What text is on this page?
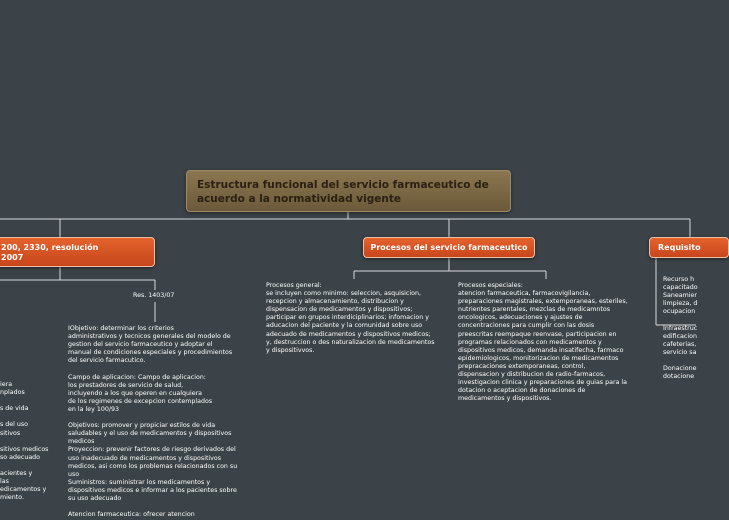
Estructura funcional del servicio farmaceutico de acuerdo a la normatividad vigente
200, 2330, resolución
2007
Procesos del servicio farmaceutico	Requisito
Res. 1403/07
IObjetivo: determinar los criterios
administrativos y tecnicos generales del modelo de
gestion del servicio farmaceutico y adoptar el
manual de condiciones especiales y procedimientos
del servicio farmacutico.

Campo de aplicacion: Campo de aplicacion:
los prestadores de servicio de salud,
incluyendo a los que operen en cualquiera
de los regimenes de excepcion contemplados
en la ley 100/93

Objetivos: promover y propiciar estilos de vida
saludables y el uso de medicamentos y dispositivos
medicos
Proyeccion: prevenir factores de riesgo derivados del
uso inadecuado de medicamentos y dispositivos
medicos, asi como los problemas relacionados con su
uso
Suministros: suministrar los medicamentos y
dispositivos medicos e informar a los pacientes sobre
su uso adecuado

Atencion farmaceutica: ofrecer atencion
iera
nplados

s de vida

s del uso
sitivos

sitivos medicos
so adecuado

acientes y
las
edicamentos y
miento.
Procesos general:
se incluyen como minimo: seleccion, asquisicion,
recepcion y almacenamiento, distribucion y
dispensacion de medicamentos y dispositivos;
participar en grupos interdiciplinarios; infomacion y
aducacion del paciente y la comunidad sobre uso
adecuado de medicamentos y dispositivos medicos;
y, destruccion o des naturalizacion de medicamentos
y dispositivvos.
Procesos especiales:
atencion farmaceutica, farmacovigilancia,
preparaciones magistrales, extemporaneas, esteriles,
nutrientes parentales, mezclas de medicamntos
oncologicos, adecuaciones y ajustes de
concentraciones para cumplir con las dosis
preescritas reempaque reenvase, participacion en
programas relacionados con medicamentos y
dispositivos medicos, demanda insatifecha, farmaco
epidemiologicos, monitorizacion de medicamentos
prepracaciones extemporaneas, control,
dispensacion y distribucion de radio-farmacos,
investigacion clinica y preparaciones de guias para la
dotacion o aceptacion de donaciones de
medicamentos y dispositivos.
Recurso h
capacitado
Saneamier
limpieza, d
ocupacion

Infraestruc
edificacion
cafeterias,
servicio sa

Donacione
dotacione
